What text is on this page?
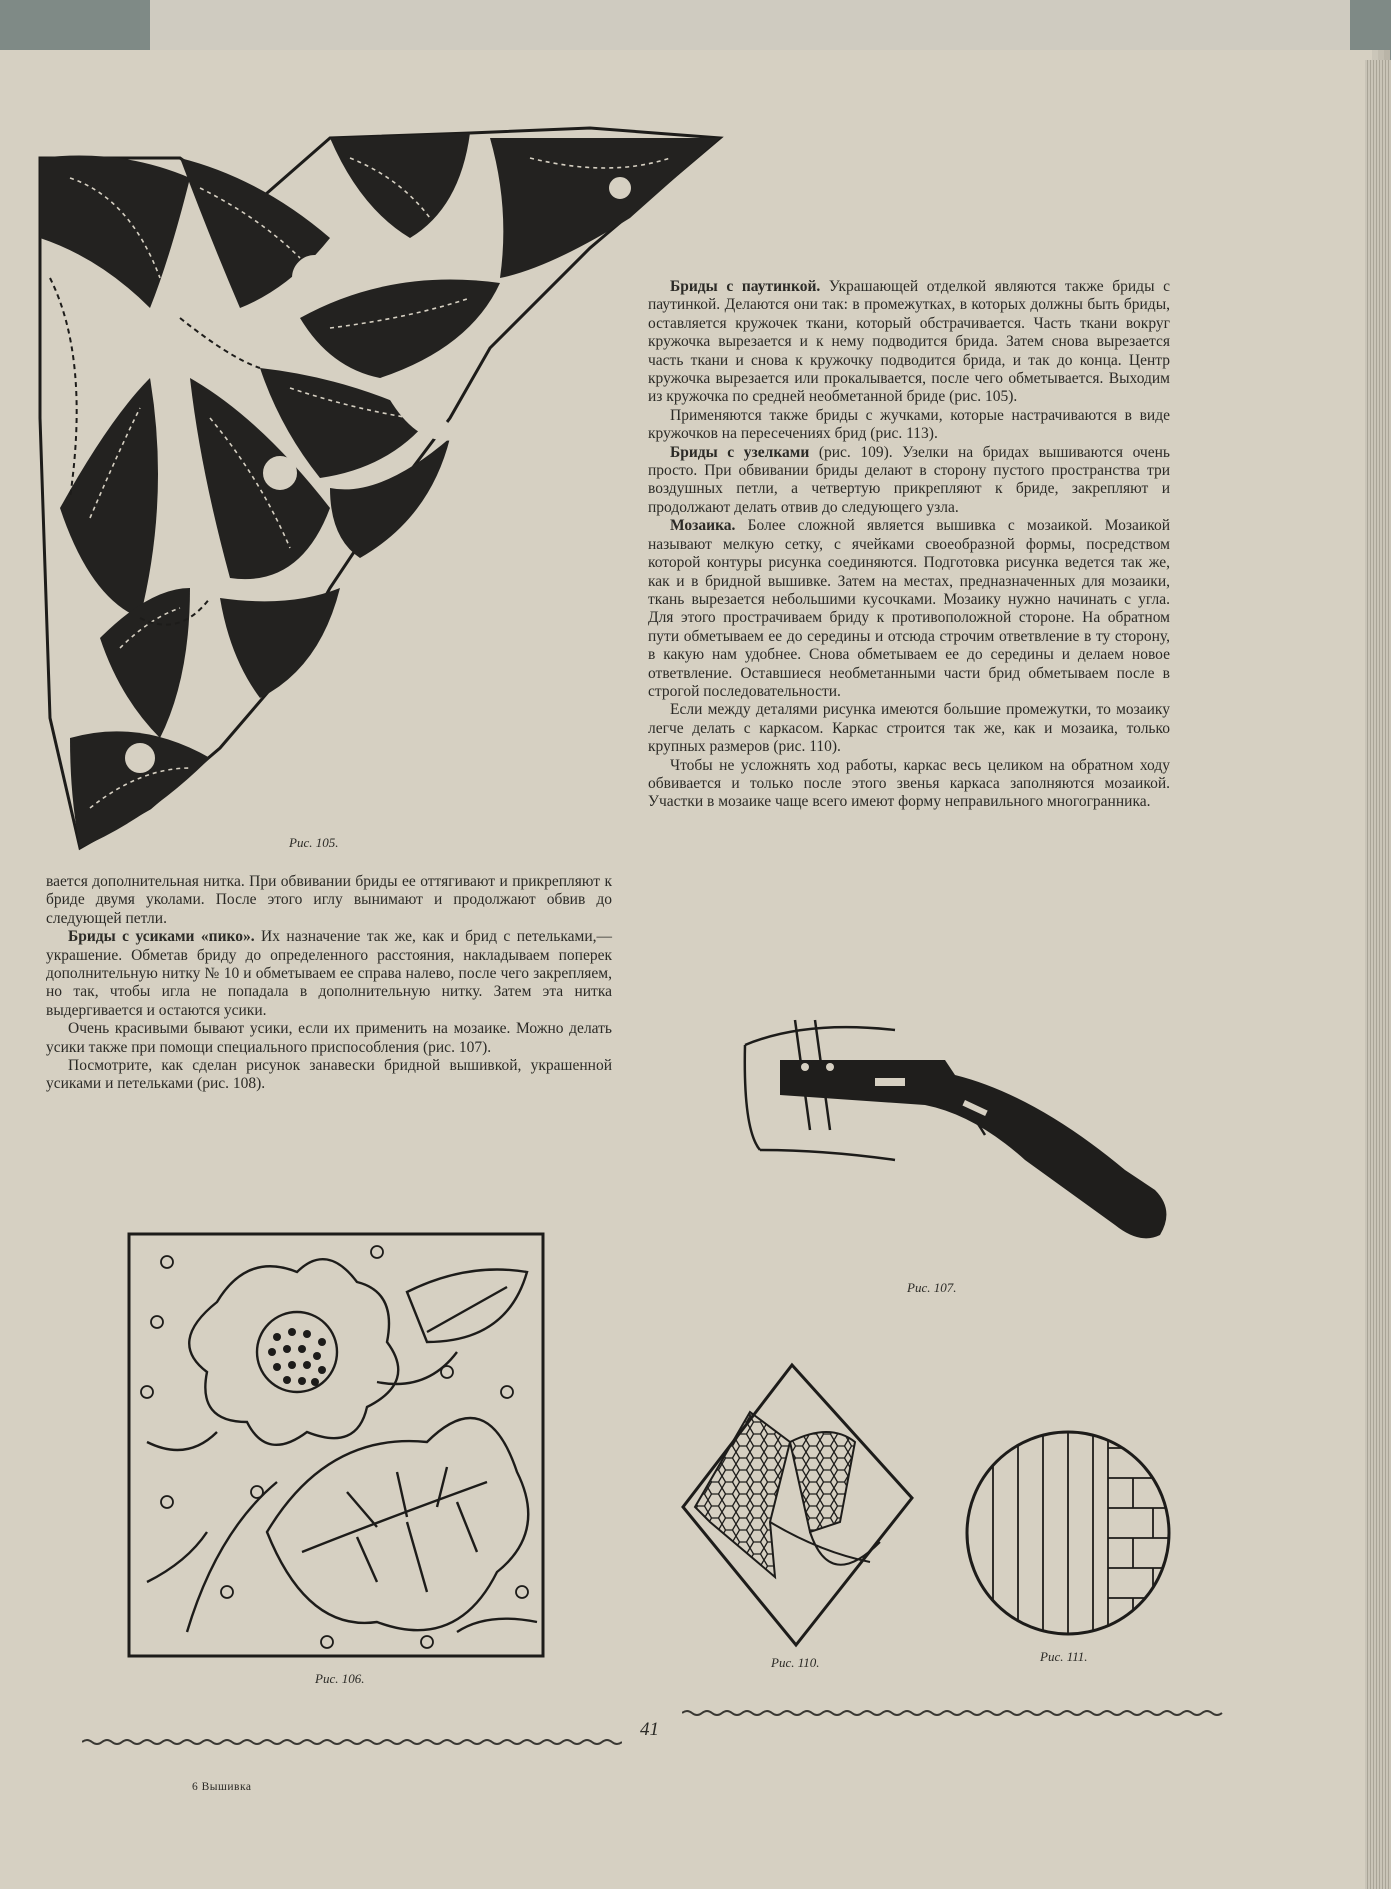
Рис. 105.

Бриды с паутинкой. Украшающей отделкой являются также бриды с паутинкой. Делаются они так: в промежутках, в которых должны быть бриды, оставляется кружочек ткани, который обстрачивается. Часть ткани вокруг кружочка вырезается и к нему подводится брида. Затем снова вырезается часть ткани и снова к кружочку подводится брида, и так до конца. Центр кружочка вырезается или прокалывается, после чего обметывается. Выходим из кружочка по средней необметанной бриде (рис. 105).

Применяются также бриды с жучками, которые настрачиваются в виде кружочков на пересечениях брид (рис. 113).

Бриды с узелками (рис. 109). Узелки на бридах вышиваются очень просто. При обвивании бриды делают в сторону пустого пространства три воздушных петли, а четвертую прикрепляют к бриде, закрепляют и продолжают делать отвив до следующего узла.

Мозаика. Более сложной является вышивка с мозаикой. Мозаикой называют мелкую сетку, с ячейками своеобразной формы, посредством которой контуры рисунка соединяются. Подготовка рисунка ведется так же, как и в бридной вышивке. Затем на местах, предназначенных для мозаики, ткань вырезается небольшими кусочками. Мозаику нужно начинать с угла. Для этого прострачиваем бриду к противоположной стороне. На обратном пути обметываем ее до середины и отсюда строчим ответвление в ту сторону, в какую нам удобнее. Снова обметываем ее до середины и делаем новое ответвление. Оставшиеся необметанными части брид обметываем после в строгой последовательности.

Если между деталями рисунка имеются большие промежутки, то мозаику легче делать с каркасом. Каркас строится так же, как и мозаика, только крупных размеров (рис. 110).

Чтобы не усложнять ход работы, каркас весь целиком на обратном ходу обвивается и только после этого звенья каркаса заполняются мозаикой. Участки в мозаике чаще всего имеют форму неправильного многогранника.

вается дополнительная нитка. При обвивании бриды ее оттягивают и прикрепляют к бриде двумя уколами. После этого иглу вынимают и продолжают обвив до следующей петли.

Бриды с усиками «пико». Их назначение так же, как и брид с петельками,— украшение. Обметав бриду до определенного расстояния, накладываем поперек дополнительную нитку № 10 и обметываем ее справа налево, после чего закрепляем, но так, чтобы игла не попадала в дополнительную нитку. Затем эта нитка выдергивается и остаются усики.

Очень красивыми бывают усики, если их применить на мозаике. Можно делать усики также при помощи специального приспособления (рис. 107).

Посмотрите, как сделан рисунок занавески бридной вышивкой, украшенной усиками и петельками (рис. 108).

Рис. 107.
Рис. 106.
Рис. 110.	Рис. 111.
41
6 Вышивка
